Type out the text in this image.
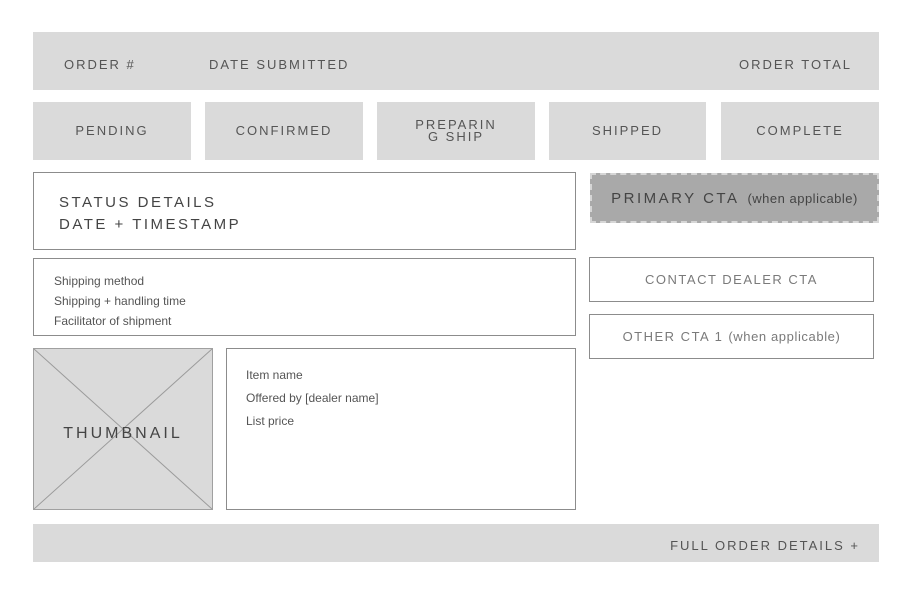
ORDER #	DATE SUBMITTED	ORDER TOTAL
PENDING	CONFIRMED	PREPARING SHIP	SHIPPED	COMPLETE
STATUS DETAILS
DATE + TIMESTAMP
PRIMARY CTA (when applicable)
Shipping method
Shipping + handling time
Facilitator of shipment
CONTACT DEALER CTA
OTHER CTA 1 (when applicable)
THUMBNAIL
Item name
Offered by [dealer name]
List price
FULL ORDER DETAILS +
